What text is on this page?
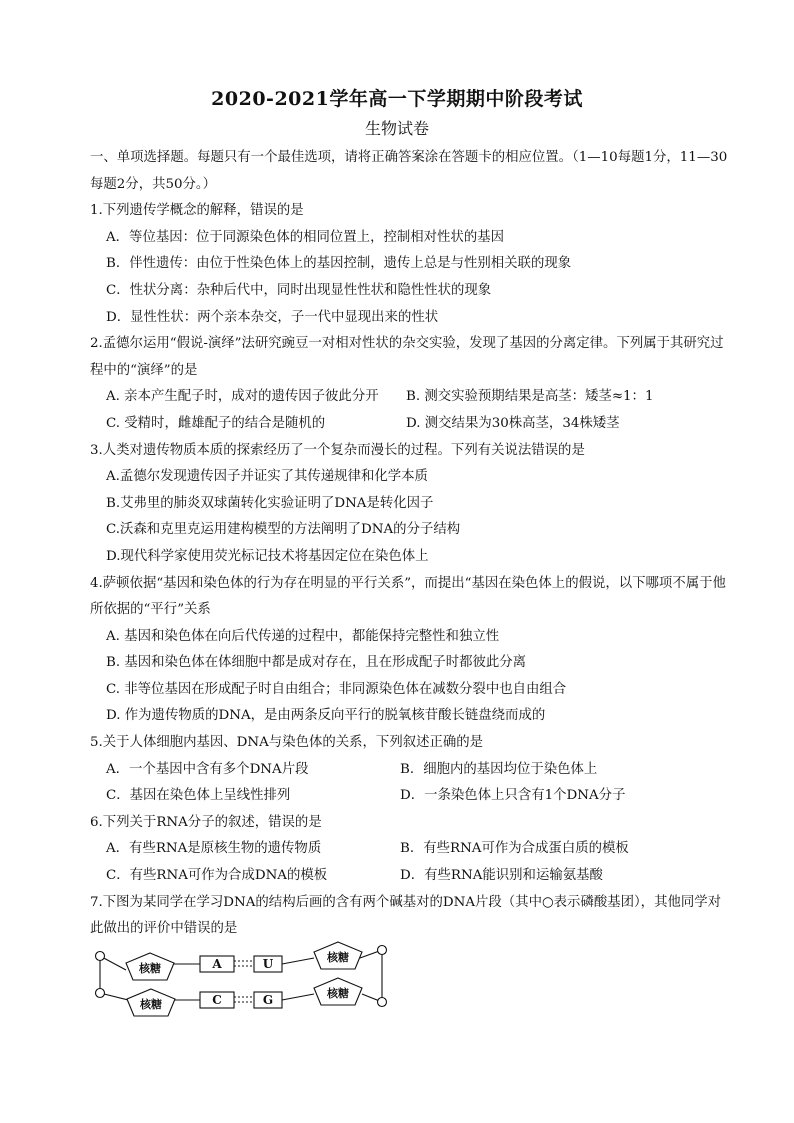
2020-2021学年高一下学期期中阶段考试
生物试卷
一、单项选择题。每题只有一个最佳选项，请将正确答案涂在答题卡的相应位置。（1—10每题1分，11—30每题2分，共50分。）
1.下列遗传学概念的解释，错误的是
A．等位基因：位于同源染色体的相同位置上，控制相对性状的基因
B．伴性遗传：由位于性染色体上的基因控制，遗传上总是与性别相关联的现象
C．性状分离：杂种后代中，同时出现显性性状和隐性性状的现象
D．显性性状：两个亲本杂交，子一代中显现出来的性状
2.孟德尔运用“假说-演绎”法研究豌豆一对相对性状的杂交实验，发现了基因的分离定律。下列属于其研究过程中的“演绎”的是
A. 亲本产生配子时，成对的遗传因子彼此分开	B. 测交实验预期结果是高茎：矮茎≈1：1
C. 受精时，雌雄配子的结合是随机的	D. 测交结果为30株高茎，34株矮茎
3.人类对遗传物质本质的探索经历了一个复杂而漫长的过程。下列有关说法错误的是
A.孟德尔发现遗传因子并证实了其传递规律和化学本质
B.艾弗里的肺炎双球菌转化实验证明了DNA是转化因子
C.沃森和克里克运用建构模型的方法阐明了DNA的分子结构
D.现代科学家使用荧光标记技术将基因定位在染色体上
4.萨顿依据“基因和染色体的行为存在明显的平行关系”，而提出“基因在染色体上的假说，以下哪项不属于他所依据的“平行”关系
A. 基因和染色体在向后代传递的过程中，都能保持完整性和独立性
B. 基因和染色体在体细胞中都是成对存在，且在形成配子时都彼此分离
C. 非等位基因在形成配子时自由组合；非同源染色体在减数分裂中也自由组合
D. 作为遗传物质的DNA，是由两条反向平行的脱氧核苷酸长链盘绕而成的
5.关于人体细胞内基因、DNA与染色体的关系，下列叙述正确的是
A．一个基因中含有多个DNA片段	B．细胞内的基因均位于染色体上
C．基因在染色体上呈线性排列	D．一条染色体上只含有1个DNA分子
6.下列关于RNA分子的叙述，错误的是
A．有些RNA是原核生物的遗传物质	B．有些RNA可作为合成蛋白质的模板
C．有些RNA可作为合成DNA的模板	D．有些RNA能识别和运输氨基酸
7.下图为某同学在学习DNA的结构后画的含有两个碱基对的DNA片段（其中○表示磷酸基团），其他同学对此做出的评价中错误的是
核糖
核糖
核糖
核糖
A	U
C	G
